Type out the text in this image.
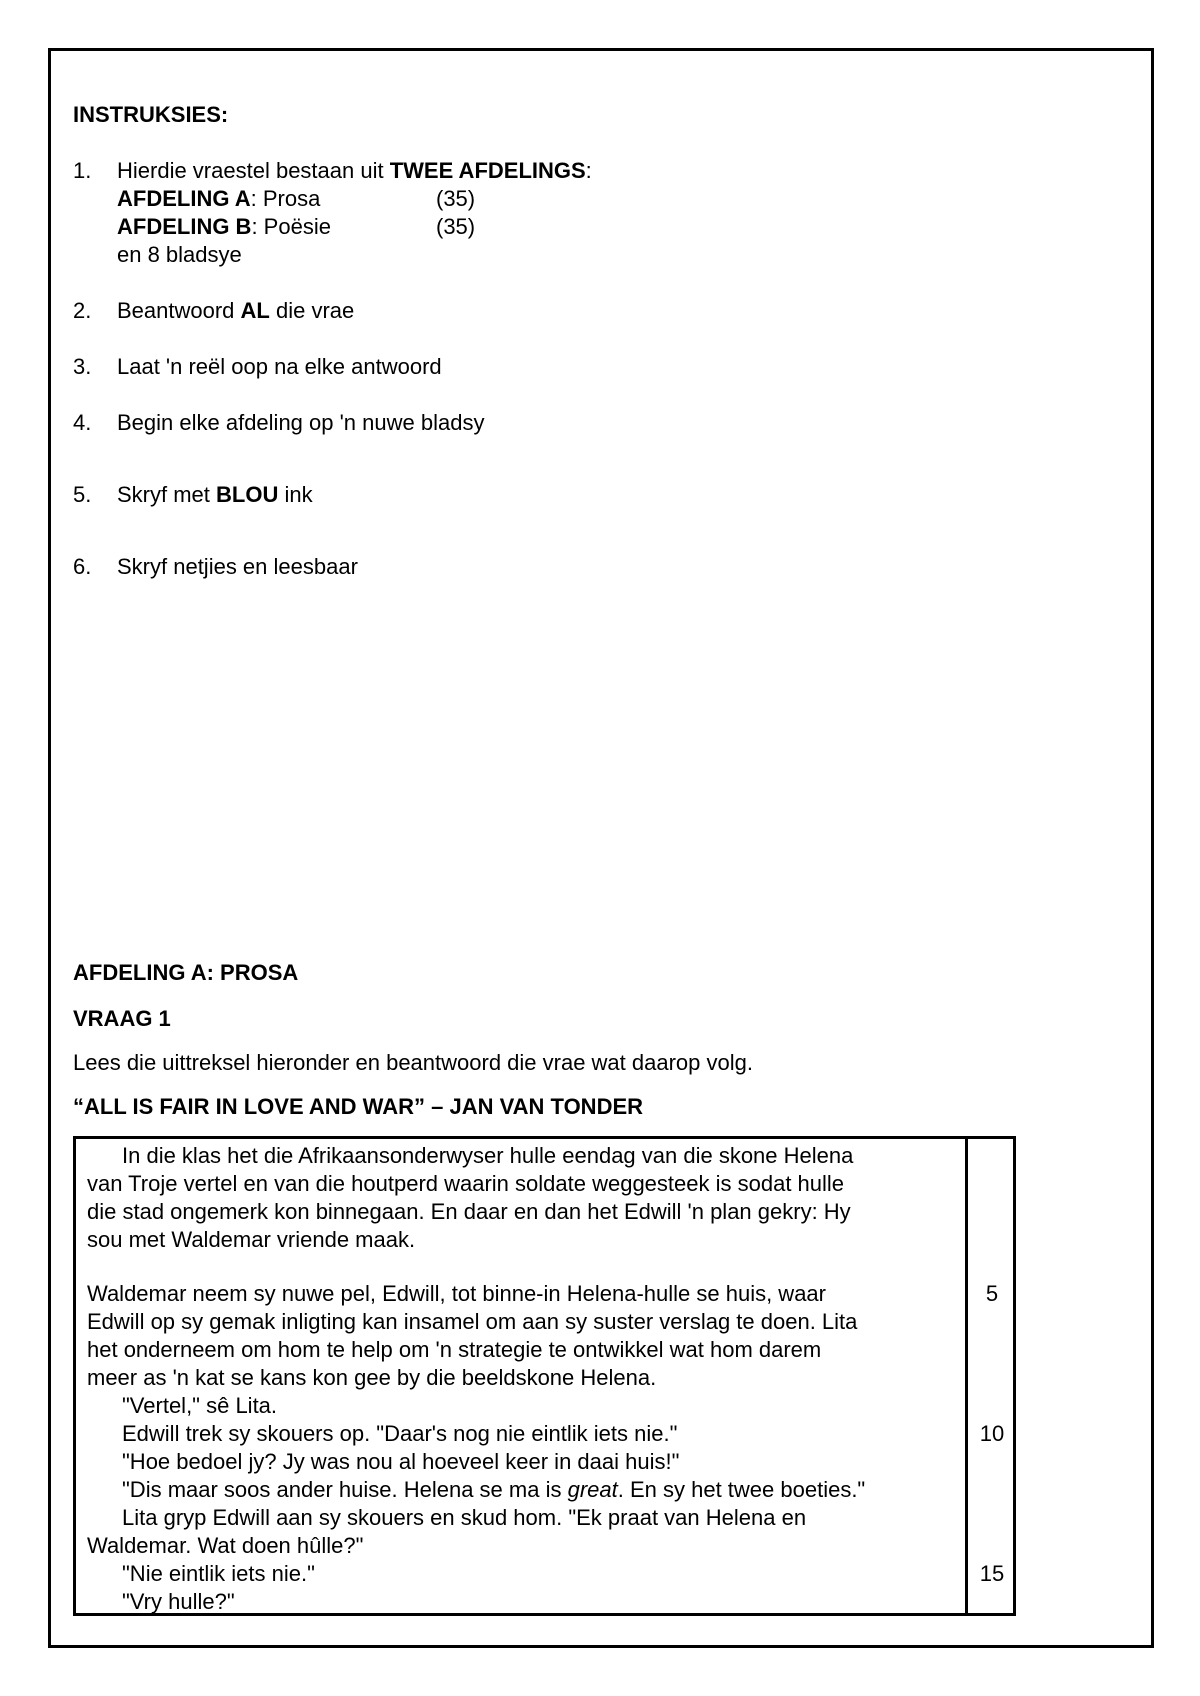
INSTRUKSIES:
1. Hierdie vraestel bestaan uit TWEE AFDELINGS:
AFDELING A: Prosa	(35)
AFDELING B: Poësie	(35)
en 8 bladsye
2. Beantwoord AL die vrae
3. Laat 'n reël oop na elke antwoord
4. Begin elke afdeling op 'n nuwe bladsy
5. Skryf met BLOU ink
6. Skryf netjies en leesbaar
AFDELING A: PROSA
VRAAG 1
Lees die uittreksel hieronder en beantwoord die vrae wat daarop volg.
“ALL IS FAIR IN LOVE AND WAR” – JAN VAN TONDER
In die klas het die Afrikaansonderwyser hulle eendag van die skone Helena
van Troje vertel en van die houtperd waarin soldate weggesteek is sodat hulle
die stad ongemerk kon binnegaan. En daar en dan het Edwill 'n plan gekry: Hy
sou met Waldemar vriende maak.
Waldemar neem sy nuwe pel, Edwill, tot binne-in Helena-hulle se huis, waar
Edwill op sy gemak inligting kan insamel om aan sy suster verslag te doen. Lita
het onderneem om hom te help om 'n strategie te ontwikkel wat hom darem
meer as 'n kat se kans kon gee by die beeldskone Helena.
"Vertel," sê Lita.
Edwill trek sy skouers op. "Daar's nog nie eintlik iets nie."
"Hoe bedoel jy? Jy was nou al hoeveel keer in daai huis!"
"Dis maar soos ander huise. Helena se ma is great. En sy het twee boeties."
Lita gryp Edwill aan sy skouers en skud hom. "Ek praat van Helena en
Waldemar. Wat doen hûlle?"
"Nie eintlik iets nie."
"Vry hulle?"
5
10
15
